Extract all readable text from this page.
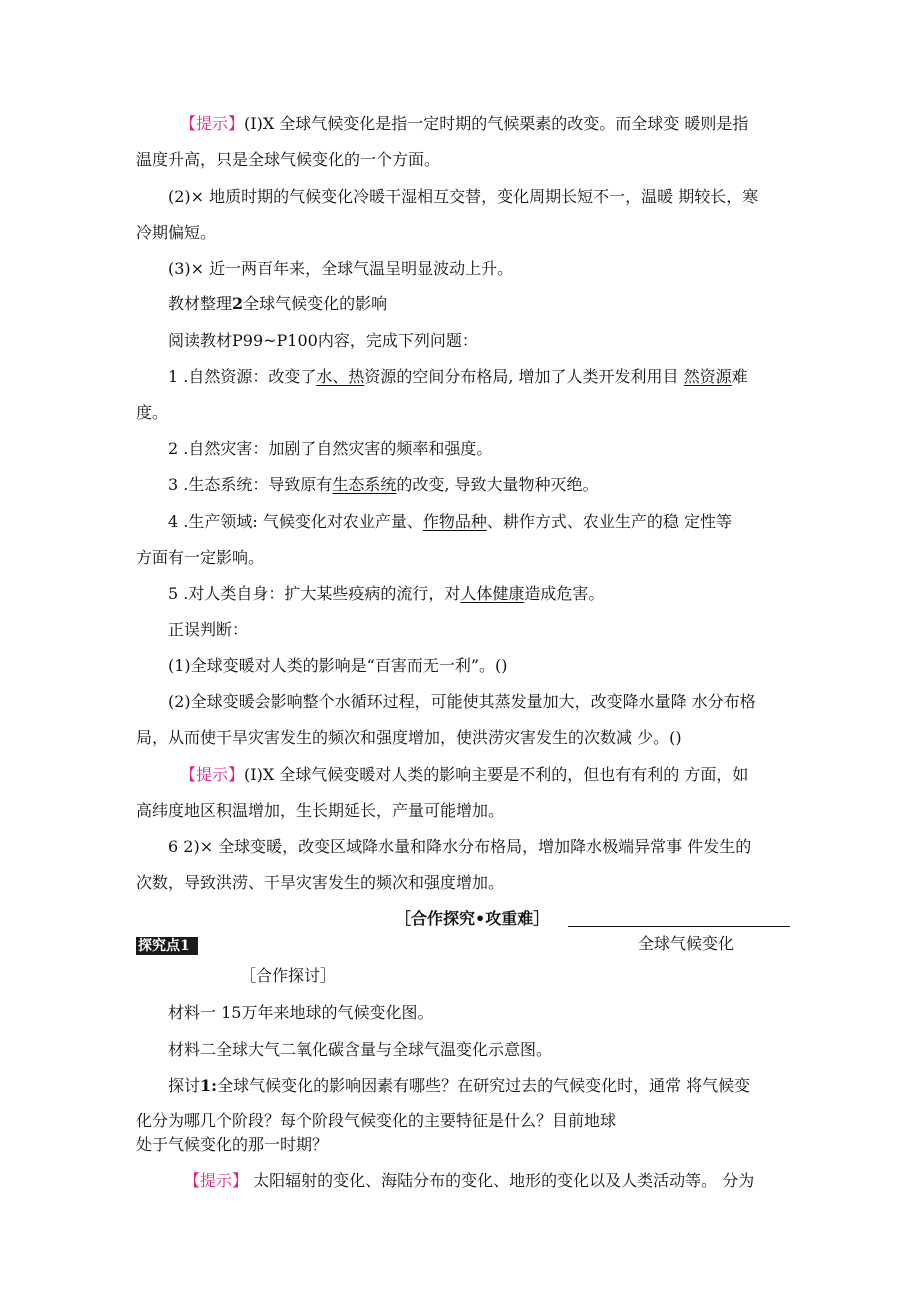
【提示】(I)X 全球气候变化是指一定时期的气候栗素的改变。而全球变 暖则是指
温度升高，只是全球气候变化的一个方面。
(2)× 地质时期的气候变化冷暖干湿相互交替，变化周期长短不一，温暖 期较长，寒
冷期偏短。
(3)× 近一两百年来，全球气温呈明显波动上升。
教材整理2全球气候变化的影响
阅读教材P99~P100内容，完成下列问题：
1 .自然资源：改变了水、热资源的空间分布格局, 增加了人类开发利用目 然资源难
度。
2 .自然灾害：加剧了自然灾害的频率和强度。
3 .生态系统：导致原有生态系统的改变, 导致大量物种灭绝。
4 .生产领域: 气候变化对农业产量、作物品种、耕作方式、农业生产的稳 定性等
方面有一定影响。
5 .对人类自身：扩大某些疫病的流行，对人体健康造成危害。
正误判断：
(1)全球变暖对人类的影响是“百害而无一利”。()
(2)全球变暖会影响整个水循环过程，可能使其蒸发量加大，改变降水量降 水分布格
局，从而使干旱灾害发生的频次和强度增加，使洪涝灾害发生的次数减 少。()
【提示】(I)X 全球气候变暖对人类的影响主要是不利的，但也有有利的 方面，如
高纬度地区积温增加，生长期延长，产量可能增加。
6 2)× 全球变暖，改变区域降水量和降水分布格局，增加降水极端异常事 件发生的
次数，导致洪涝、干旱灾害发生的频次和强度增加。
［合作探究•攻重难］
探究点1	全球气候变化
［合作探讨］
材料一 15万年来地球的气候变化图。
材料二全球大气二氧化碳含量与全球气温变化示意图。
探讨1:全球气候变化的影响因素有哪些？在研究过去的气候变化时，通常 将气候变
化分为哪几个阶段？每个阶段气候变化的主要特征是什么？目前地球
处于气候变化的那一时期？
【提示】 太阳辐射的变化、海陆分布的变化、地形的变化以及人类活动等。 分为
